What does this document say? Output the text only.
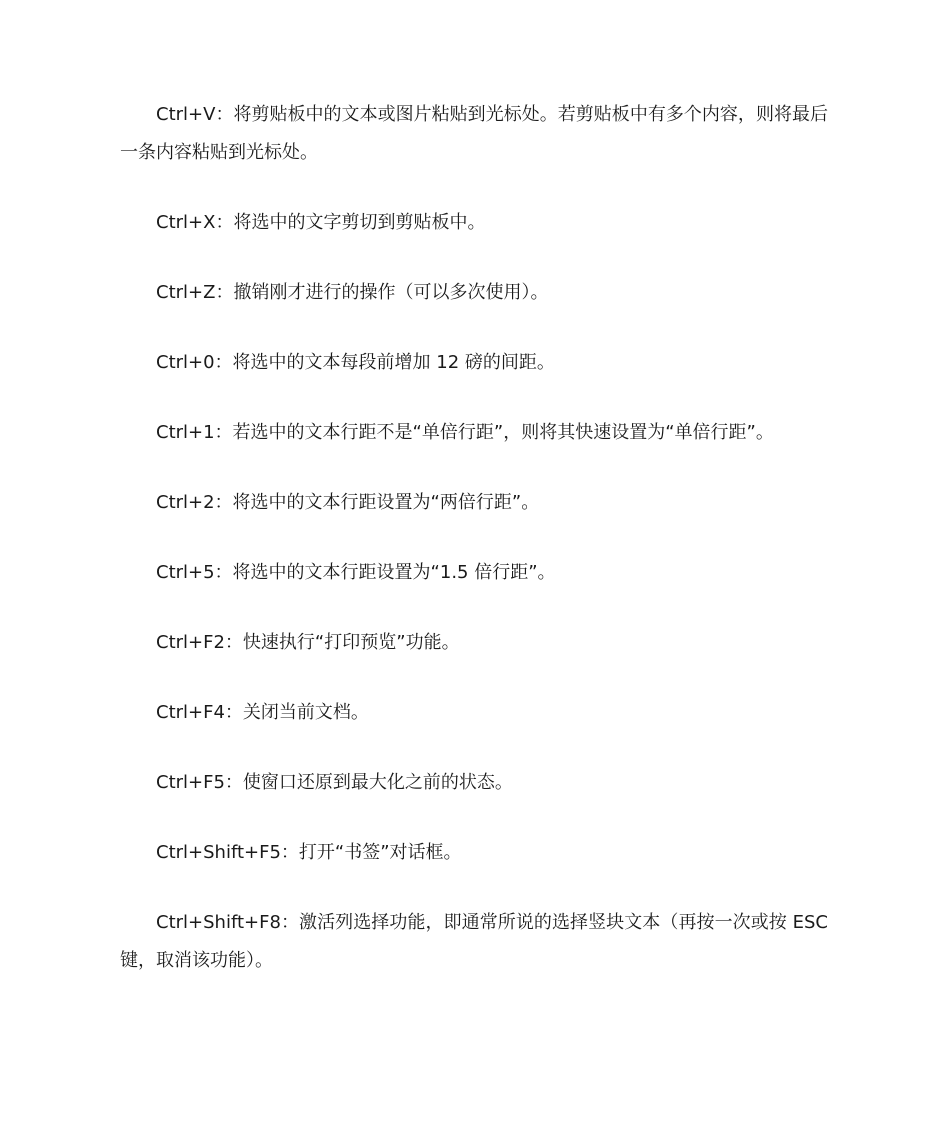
Ctrl+V：将剪贴板中的文本或图片粘贴到光标处。若剪贴板中有多个内容，则将最后一条内容粘贴到光标处。

Ctrl+X：将选中的文字剪切到剪贴板中。

Ctrl+Z：撤销刚才进行的操作（可以多次使用）。

Ctrl+0：将选中的文本每段前增加 12 磅的间距。

Ctrl+1：若选中的文本行距不是“单倍行距”，则将其快速设置为“单倍行距”。

Ctrl+2：将选中的文本行距设置为“两倍行距”。

Ctrl+5：将选中的文本行距设置为“1.5 倍行距”。

Ctrl+F2：快速执行“打印预览”功能。

Ctrl+F4：关闭当前文档。

Ctrl+F5：使窗口还原到最大化之前的状态。

Ctrl+Shift+F5：打开“书签”对话框。

Ctrl+Shift+F8：激活列选择功能，即通常所说的选择竖块文本（再按一次或按 ESC 键，取消该功能）。
